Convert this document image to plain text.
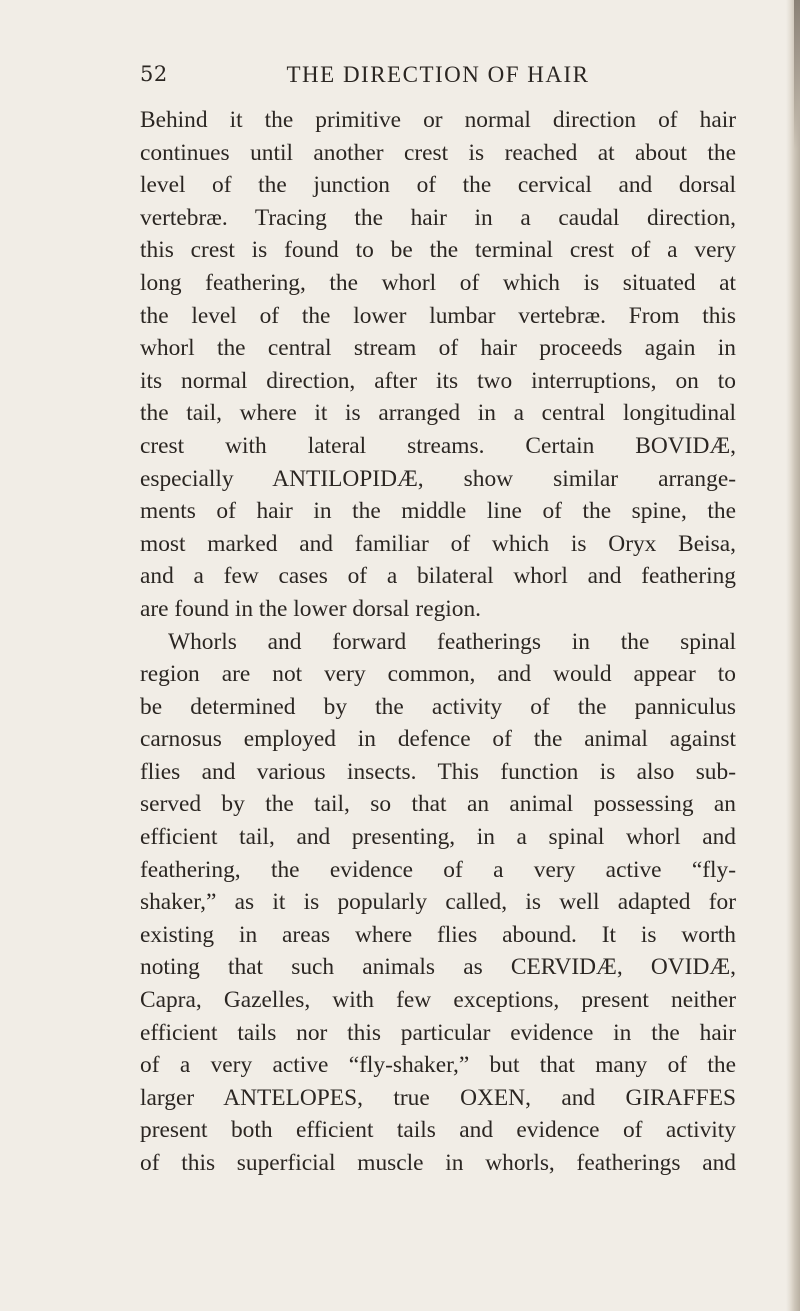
52	THE DIRECTION OF HAIR
Behind it the primitive or normal direction of hair
continues until another crest is reached at about the
level of the junction of the cervical and dorsal
vertebræ. Tracing the hair in a caudal direction,
this crest is found to be the terminal crest of a very
long feathering, the whorl of which is situated at
the level of the lower lumbar vertebræ. From this
whorl the central stream of hair proceeds again in
its normal direction, after its two interruptions, on to
the tail, where it is arranged in a central longitudinal
crest with lateral streams. Certain BOVIDÆ,
especially ANTILOPIDÆ, show similar arrange-
ments of hair in the middle line of the spine, the
most marked and familiar of which is Oryx Beisa,
and a few cases of a bilateral whorl and feathering
are found in the lower dorsal region.
Whorls and forward featherings in the spinal
region are not very common, and would appear to
be determined by the activity of the panniculus
carnosus employed in defence of the animal against
flies and various insects. This function is also sub-
served by the tail, so that an animal possessing an
efficient tail, and presenting, in a spinal whorl and
feathering, the evidence of a very active “fly-
shaker,” as it is popularly called, is well adapted for
existing in areas where flies abound. It is worth
noting that such animals as CERVIDÆ, OVIDÆ,
Capra, Gazelles, with few exceptions, present neither
efficient tails nor this particular evidence in the hair
of a very active “fly-shaker,” but that many of the
larger ANTELOPES, true OXEN, and GIRAFFES
present both efficient tails and evidence of activity
of this superficial muscle in whorls, featherings and
